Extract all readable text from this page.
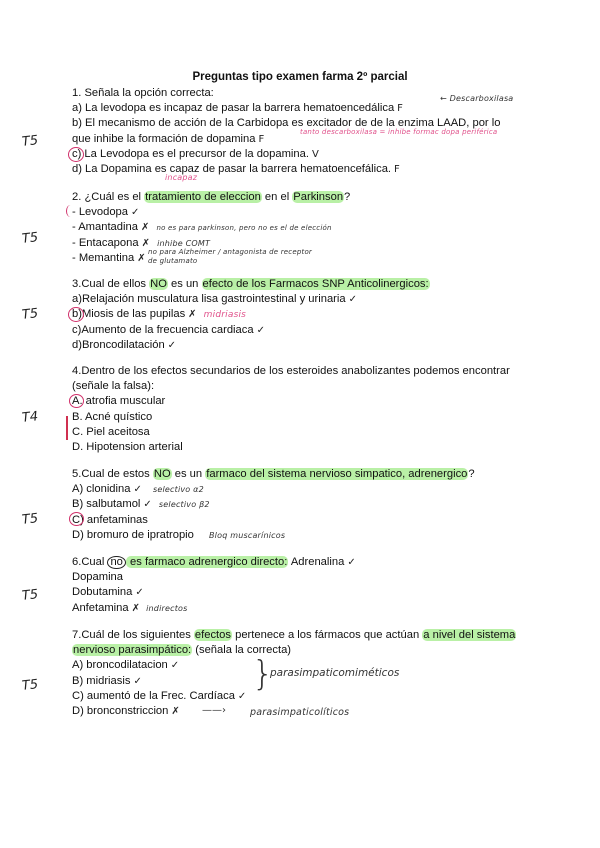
Preguntas tipo examen farma 2º parcial
T5
T5
T5
T4
T5
T5
T5
1. Señala la opción correcta:
a) La levodopa es incapaz de pasar la barrera hematoencedálica F
b) El mecanismo de acción de la Carbidopa es excitador de de la enzima LAAD, por lo
que inhibe la formación de dopamina F
c) La Levodopa es el precursor de la dopamina. V
d) La Dopamina es capaz de pasar la barrera hematoencefálica. F
← Descarboxilasa
tanto descarboxilasa = inhibe formac dopa periférica
incapaz
2. ¿Cuál es el tratamiento de eleccion en el Parkinson?
- Levodopa ✓
- Amantadina ✗ no es para parkinson, pero no es el de elección
- Entacapona ✗ inhibe COMT
- Memantina ✗
no para Alzheimer / antagonista de receptor de glutamato
3.Cual de ellos NO es un efecto de los Farmacos SNP Anticolinergicos:
a)Relajación musculatura lisa gastrointestinal y urinaria ✓
b)Miosis de las pupilas ✗ midriasis
c)Aumento de la frecuencia cardiaca ✓
d)Broncodilatación ✓
4.Dentro de los efectos secundarios de los esteroides anabolizantes podemos encontrar
(señale la falsa):
A. atrofia muscular
B. Acné quístico
C. Piel aceitosa
D. Hipotension arterial
5.Cual de estos NO es un farmaco del sistema nervioso simpatico, adrenergico?
A) clonidina ✓ selectivo α2
B) salbutamol ✓ selectivo β2
C) anfetaminas
D) bromuro de ipratropio Bloq muscarínicos
6.Cual no es farmaco adrenergico directo: Adrenalina ✓
Dopamina
Dobutamina ✓
Anfetamina ✗ indirectos
7.Cuál de los siguientes efectos pertenece a los fármacos que actúan a nivel del sistema
nervioso parasimpático: (señala la correcta)
A) broncodilatacion ✓
B) midriasis ✓
C) aumentó de la Frec. Cardíaca ✓
D) bronconstriccion ✗
}
parasimpaticomiméticos
——›	parasimpaticolíticos
